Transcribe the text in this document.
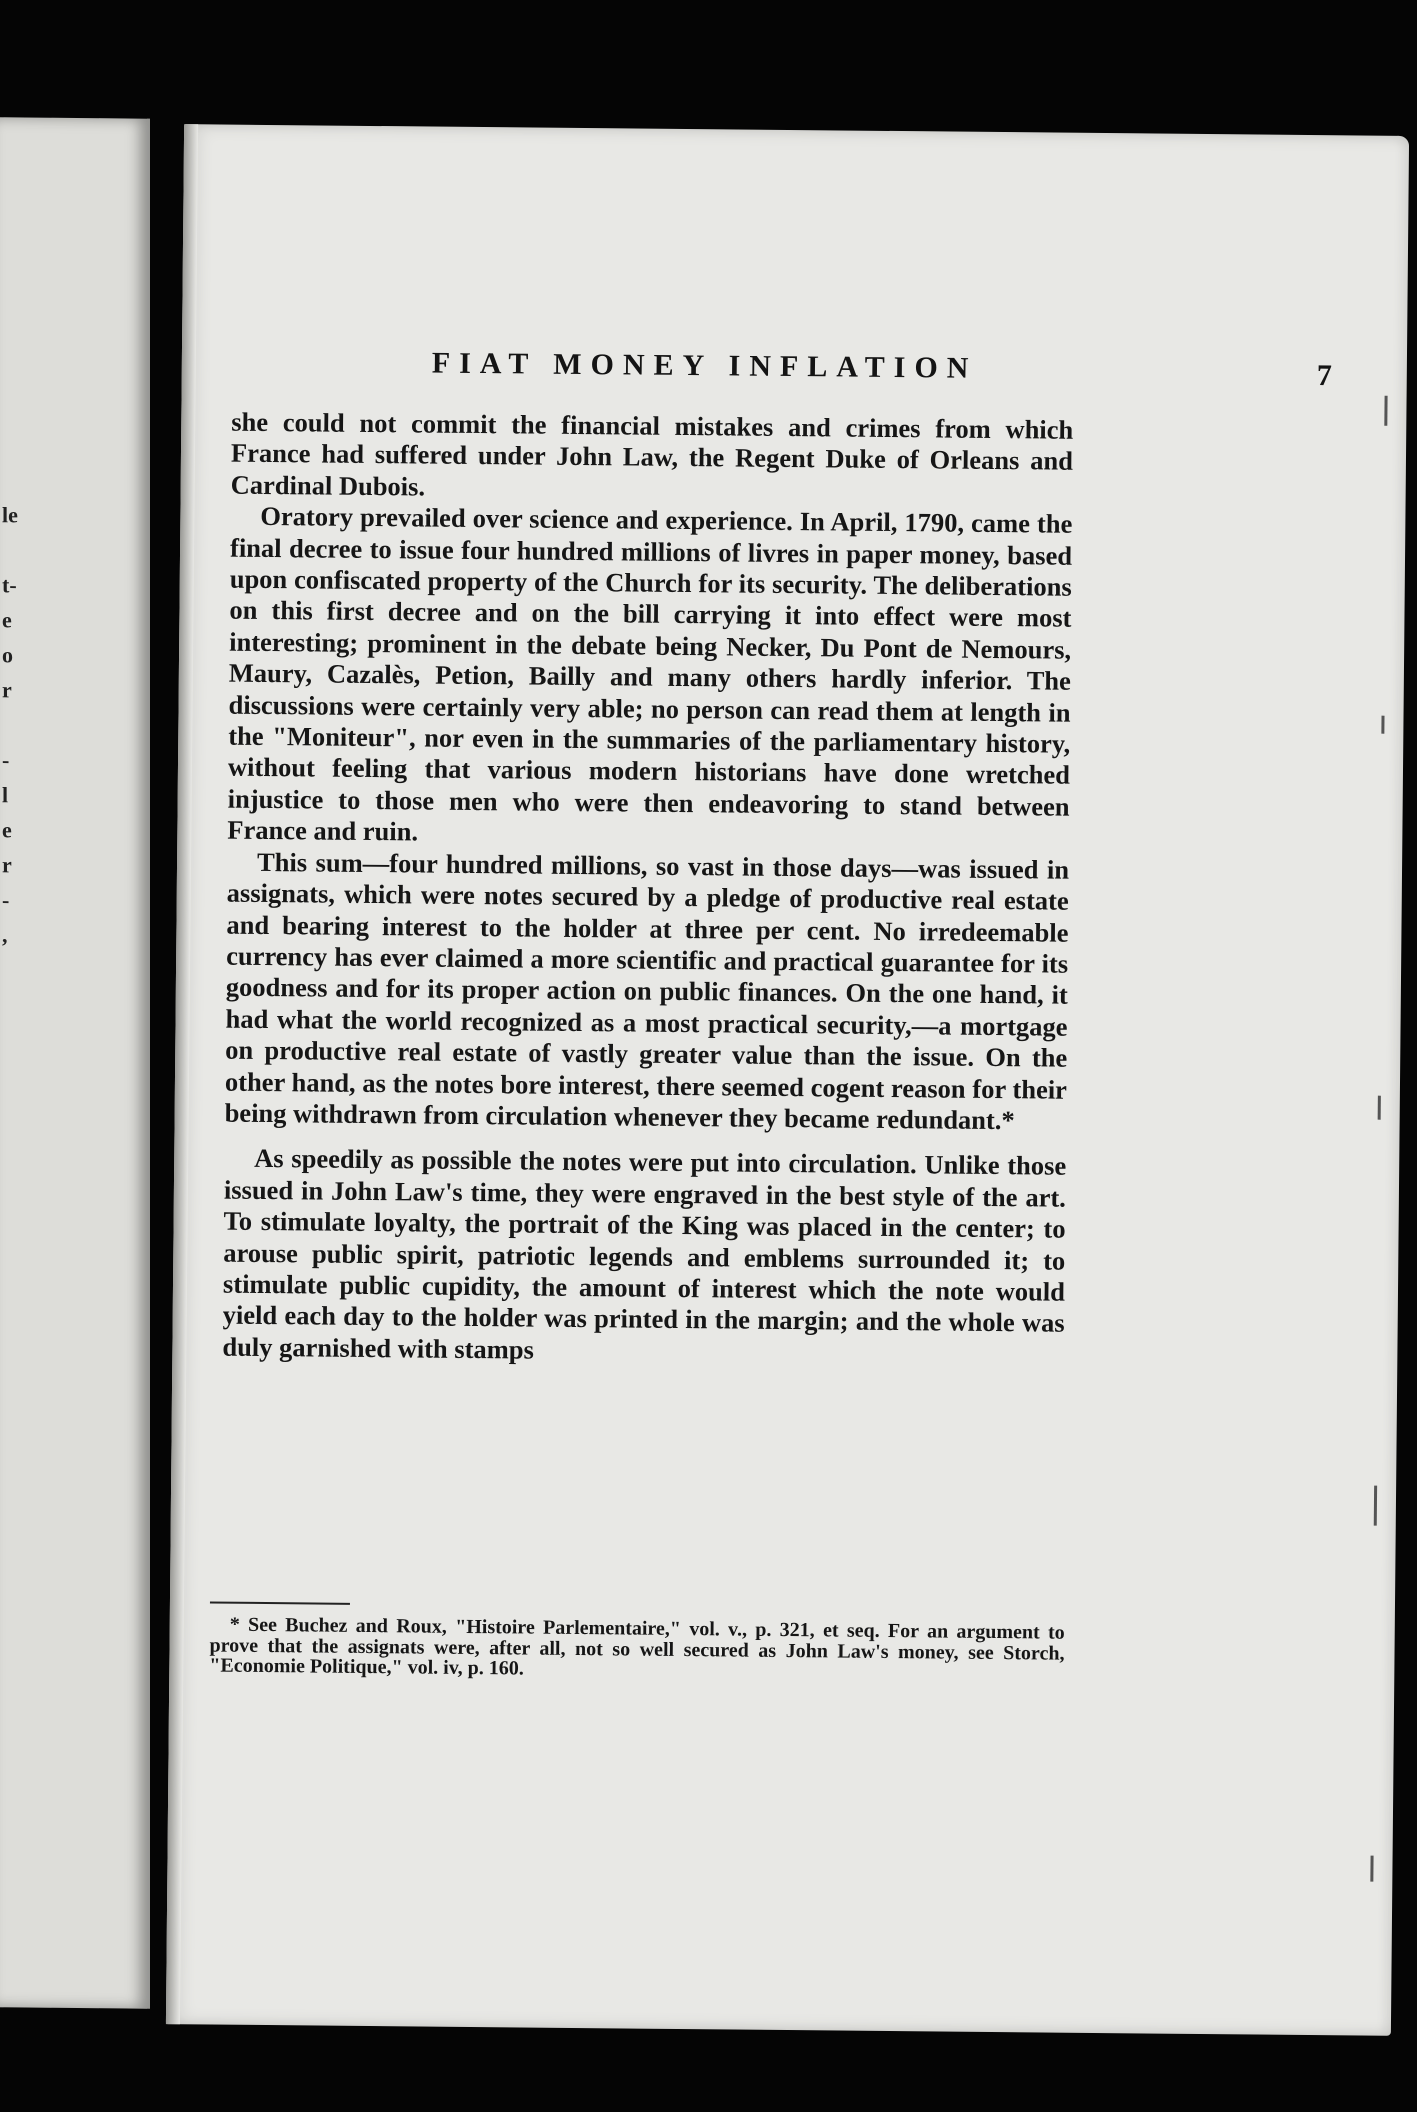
le
t-
e
o
r
-
l
e
r
-
,
FIAT MONEY INFLATION	7

she could not commit the financial mistakes and crimes from which France had suffered under John Law, the Regent Duke of Orleans and Cardinal Dubois.

Oratory prevailed over science and experience. In April, 1790, came the final decree to issue four hundred millions of livres in paper money, based upon confiscated property of the Church for its security. The deliberations on this first decree and on the bill carrying it into effect were most interesting; prominent in the debate being Necker, Du Pont de Nemours, Maury, Cazalès, Petion, Bailly and many others hardly inferior. The discussions were certainly very able; no person can read them at length in the "Moniteur", nor even in the summaries of the parliamentary history, without feeling that various modern historians have done wretched injustice to those men who were then endeavoring to stand between France and ruin.

This sum—four hundred millions, so vast in those days—was issued in assignats, which were notes secured by a pledge of productive real estate and bearing interest to the holder at three per cent. No irredeemable currency has ever claimed a more scientific and practical guarantee for its goodness and for its proper action on public finances. On the one hand, it had what the world recognized as a most practical security,—a mortgage on productive real estate of vastly greater value than the issue. On the other hand, as the notes bore interest, there seemed cogent reason for their being withdrawn from circulation whenever they became redundant.*

As speedily as possible the notes were put into circulation. Unlike those issued in John Law's time, they were engraved in the best style of the art. To stimulate loyalty, the portrait of the King was placed in the center; to arouse public spirit, patriotic legends and emblems surrounded it; to stimulate public cupidity, the amount of interest which the note would yield each day to the holder was printed in the margin; and the whole was duly garnished with stamps

* See Buchez and Roux, "Histoire Parlementaire," vol. v., p. 321, et seq. For an argument to prove that the assignats were, after all, not so well secured as John Law's money, see Storch, "Economie Politique," vol. iv, p. 160.
